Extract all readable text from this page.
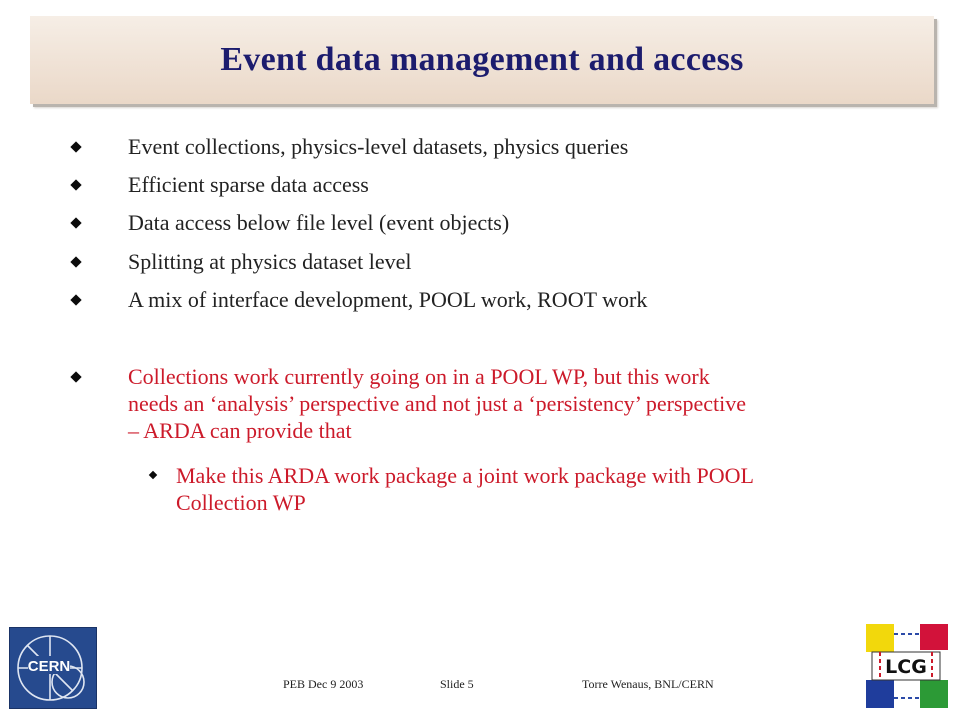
Event data management and access
Event collections, physics-level datasets, physics queries
Efficient sparse data access
Data access below file level (event objects)
Splitting at physics dataset level
A mix of interface development, POOL work, ROOT work
Collections work currently going on in a POOL WP, but this work
needs an ‘analysis’ perspective and not just a ‘persistency’ perspective
– ARDA can provide that
Make this ARDA work package a joint work package with POOL
Collection WP
CERN
PEB Dec 9 2003	Slide 5	Torre Wenaus, BNL/CERN
LCG
